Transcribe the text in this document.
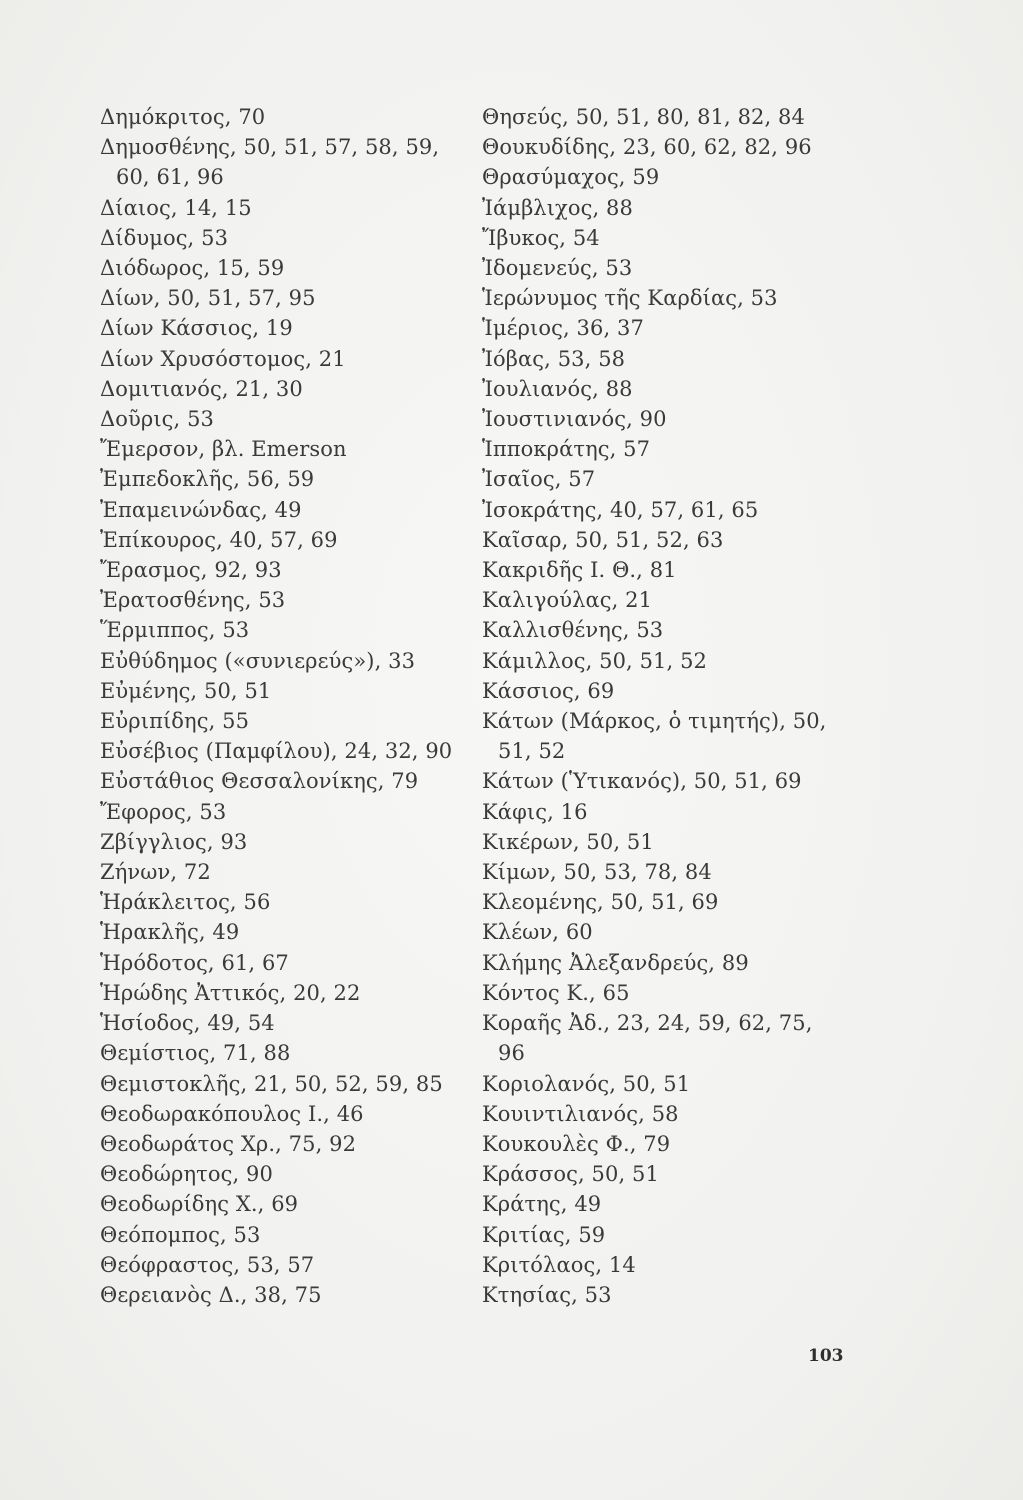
Δημόκριτος, 70
Δημοσθένης, 50, 51, 57, 58, 59,
60, 61, 96
Δίαιος, 14, 15
Δίδυμος, 53
Διόδωρος, 15, 59
Δίων, 50, 51, 57, 95
Δίων Κάσσιος, 19
Δίων Χρυσόστομος, 21
Δομιτιανός, 21, 30
Δοῦρις, 53
Ἔμερσον, βλ. Emerson
Ἐμπεδοκλῆς, 56, 59
Ἐπαμεινώνδας, 49
Ἐπίκουρος, 40, 57, 69
Ἔρασμος, 92, 93
Ἐρατοσθένης, 53
Ἕρμιππος, 53
Εὐθύδημος («συνιερεύς»), 33
Εὐμένης, 50, 51
Εὐριπίδης, 55
Εὐσέβιος (Παμφίλου), 24, 32, 90
Εὐστάθιος Θεσσαλονίκης, 79
Ἔφορος, 53
Ζβίγγλιος, 93
Ζήνων, 72
Ἡράκλειτος, 56
Ἡρακλῆς, 49
Ἡρόδοτος, 61, 67
Ἡρώδης Ἀττικός, 20, 22
Ἡσίοδος, 49, 54
Θεμίστιος, 71, 88
Θεμιστοκλῆς, 21, 50, 52, 59, 85
Θεοδωρακόπουλος Ι., 46
Θεοδωράτος Χρ., 75, 92
Θεοδώρητος, 90
Θεοδωρίδης Χ., 69
Θεόπομπος, 53
Θεόφραστος, 53, 57
Θερειανὸς Δ., 38, 75
Θησεύς, 50, 51, 80, 81, 82, 84
Θουκυδίδης, 23, 60, 62, 82, 96
Θρασύμαχος, 59
Ἰάμβλιχος, 88
Ἴβυκος, 54
Ἰδομενεύς, 53
Ἱερώνυμος τῆς Καρδίας, 53
Ἱμέριος, 36, 37
Ἰόβας, 53, 58
Ἰουλιανός, 88
Ἰουστινιανός, 90
Ἱπποκράτης, 57
Ἰσαῖος, 57
Ἰσοκράτης, 40, 57, 61, 65
Καῖσαρ, 50, 51, 52, 63
Κακριδῆς Ι. Θ., 81
Καλιγούλας, 21
Καλλισθένης, 53
Κάμιλλος, 50, 51, 52
Κάσσιος, 69
Κάτων (Μάρκος, ὁ τιμητής), 50,
51, 52
Κάτων (Ὑτικανός), 50, 51, 69
Κάφις, 16
Κικέρων, 50, 51
Κίμων, 50, 53, 78, 84
Κλεομένης, 50, 51, 69
Κλέων, 60
Κλήμης Ἀλεξανδρεύς, 89
Κόντος Κ., 65
Κοραῆς Ἀδ., 23, 24, 59, 62, 75,
96
Κοριολανός, 50, 51
Κουιντιλιανός, 58
Κουκουλὲς Φ., 79
Κράσσος, 50, 51
Κράτης, 49
Κριτίας, 59
Κριτόλαος, 14
Κτησίας, 53
103
